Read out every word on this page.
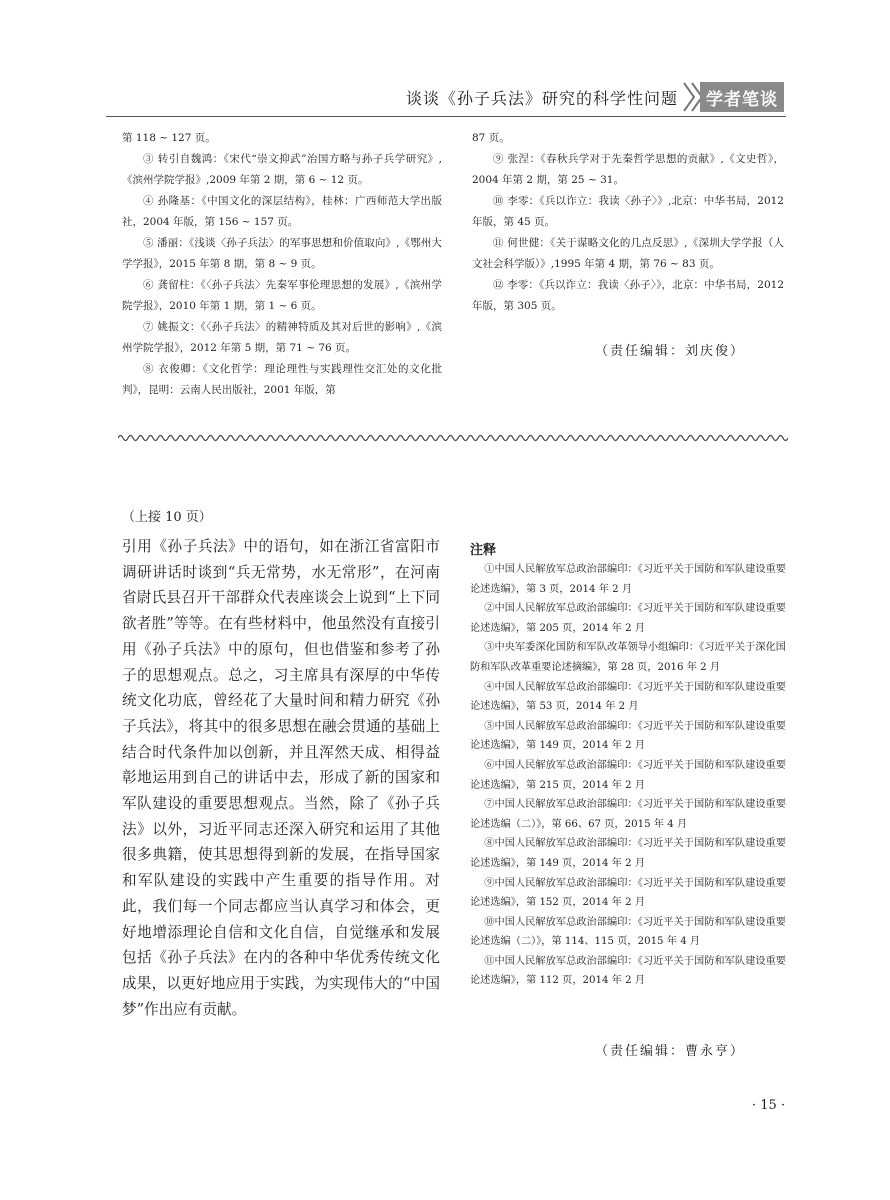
谈谈《孙子兵法》研究的科学性问题	学者笔谈

第 118 ~ 127 页。

③ 转引自魏鸿：《宋代“崇文抑武”治国方略与孙子兵学研究》,《滨州学院学报》,2009 年第 2 期，第 6 ~ 12 页。

④ 孙隆基：《中国文化的深层结构》，桂林：广西师范大学出版社，2004 年版，第 156 ~ 157 页。

⑤ 潘丽：《浅谈〈孙子兵法〉的军事思想和价值取向》,《鄂州大学学报》，2015 年第 8 期，第 8 ~ 9 页。

⑥ 龚留柱：《〈孙子兵法〉先秦军事伦理思想的发展》,《滨州学院学报》，2010 年第 1 期，第 1 ~ 6 页。

⑦ 姚振文：《〈孙子兵法〉的精神特质及其对后世的影响》,《滨州学院学报》，2012 年第 5 期，第 71 ~ 76 页。

⑧ 衣俊卿：《文化哲学：理论理性与实践理性交汇处的文化批判》，昆明：云南人民出版社，2001 年版，第

87 页。

⑨ 张涅：《春秋兵学对于先秦哲学思想的贡献》,《文史哲》，2004 年第 2 期，第 25 ~ 31。

⑩ 李零：《兵以诈立：我读〈孙子〉》,北京：中华书局，2012 年版，第 45 页。

⑪ 何世健：《关于谋略文化的几点反思》,《深圳大学学报（人文社会科学版）》,1995 年第 4 期，第 76 ~ 83 页。

⑫ 李零：《兵以诈立：我读〈孙子〉》，北京：中华书局，2012 年版，第 305 页。

（责任编辑：刘庆俊）
（上接 10 页）

引用《孙子兵法》中的语句，如在浙江省富阳市调研讲话时谈到“兵无常势，水无常形”，在河南省尉氏县召开干部群众代表座谈会上说到“上下同欲者胜”等等。在有些材料中，他虽然没有直接引用《孙子兵法》中的原句，但也借鉴和参考了孙子的思想观点。总之，习主席具有深厚的中华传统文化功底，曾经花了大量时间和精力研究《孙子兵法》，将其中的很多思想在融会贯通的基础上结合时代条件加以创新，并且浑然天成、相得益彰地运用到自己的讲话中去，形成了新的国家和军队建设的重要思想观点。当然，除了《孙子兵法》以外，习近平同志还深入研究和运用了其他很多典籍，使其思想得到新的发展，在指导国家和军队建设的实践中产生重要的指导作用。对此，我们每一个同志都应当认真学习和体会，更好地增添理论自信和文化自信，自觉继承和发展包括《孙子兵法》在内的各种中华优秀传统文化成果，以更好地应用于实践，为实现伟大的“中国梦”作出应有贡献。

注释

①中国人民解放军总政治部编印：《习近平关于国防和军队建设重要论述选编》，第 3 页，2014 年 2 月

②中国人民解放军总政治部编印：《习近平关于国防和军队建设重要论述选编》，第 205 页，2014 年 2 月

③中央军委深化国防和军队改革领导小组编印：《习近平关于深化国防和军队改革重要论述摘编》，第 28 页，2016 年 2 月

④中国人民解放军总政治部编印：《习近平关于国防和军队建设重要论述选编》，第 53 页，2014 年 2 月

⑤中国人民解放军总政治部编印：《习近平关于国防和军队建设重要论述选编》，第 149 页，2014 年 2 月

⑥中国人民解放军总政治部编印：《习近平关于国防和军队建设重要论述选编》，第 215 页，2014 年 2 月

⑦中国人民解放军总政治部编印：《习近平关于国防和军队建设重要论述选编（二）》，第 66、67 页，2015 年 4 月

⑧中国人民解放军总政治部编印：《习近平关于国防和军队建设重要论述选编》，第 149 页，2014 年 2 月

⑨中国人民解放军总政治部编印：《习近平关于国防和军队建设重要论述选编》，第 152 页，2014 年 2 月

⑩中国人民解放军总政治部编印：《习近平关于国防和军队建设重要论述选编（二）》，第 114、115 页，2015 年 4 月

⑪中国人民解放军总政治部编印：《习近平关于国防和军队建设重要论述选编》，第 112 页，2014 年 2 月

（责任编辑：曹永亨）
· 15 ·
